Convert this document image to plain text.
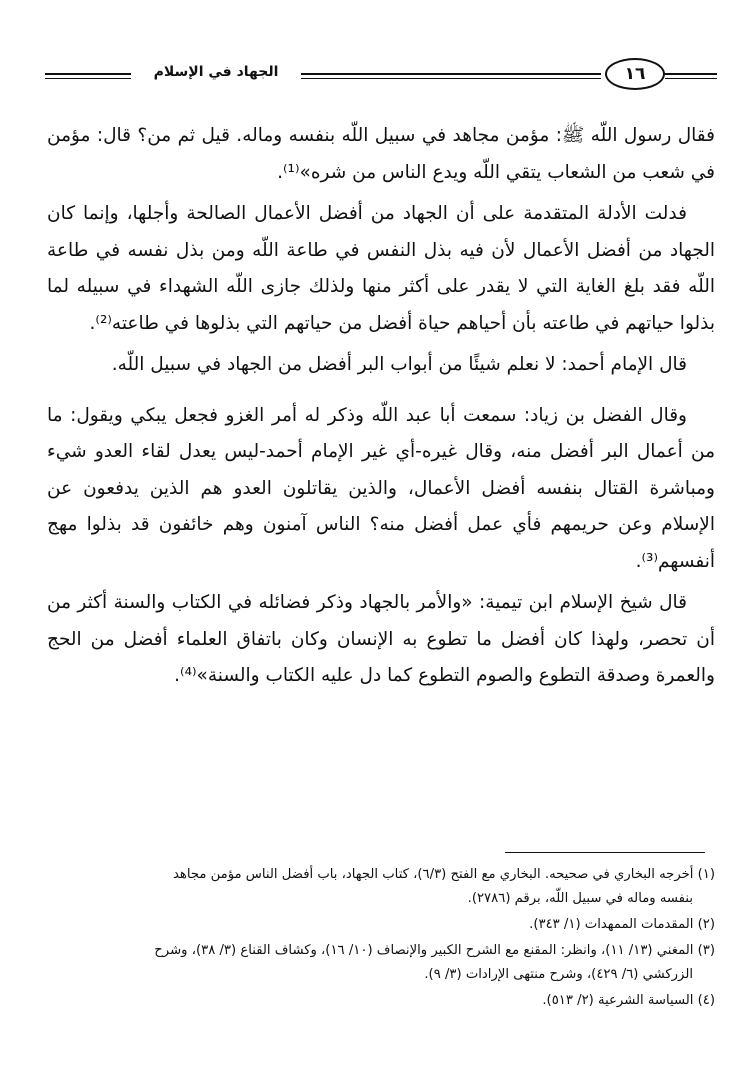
الجهاد في الإسلام	١٦

فقال رسول اللّه ﷺ: مؤمن مجاهد في سبيل اللّه بنفسه وماله. قيل ثم من؟ قال: مؤمن في شعب من الشعاب يتقي اللّه ويدع الناس من شره»⁽¹⁾.

فدلت الأدلة المتقدمة على أن الجهاد من أفضل الأعمال الصالحة وأجلها، وإنما كان الجهاد من أفضل الأعمال لأن فيه بذل النفس في طاعة اللّه ومن بذل نفسه في طاعة اللّه فقد بلغ الغاية التي لا يقدر على أكثر منها ولذلك جازى اللّه الشهداء في سبيله لما بذلوا حياتهم في طاعته بأن أحياهم حياة أفضل من حياتهم التي بذلوها في طاعته⁽²⁾.

قال الإمام أحمد: لا نعلم شيئًا من أبواب البر أفضل من الجهاد في سبيل اللّه.

وقال الفضل بن زياد: سمعت أبا عبد اللّه وذكر له أمر الغزو فجعل يبكي ويقول: ما من أعمال البر أفضل منه، وقال غيره-أي غير الإمام أحمد-ليس يعدل لقاء العدو شيء ومباشرة القتال بنفسه أفضل الأعمال، والذين يقاتلون العدو هم الذين يدفعون عن الإسلام وعن حريمهم فأي عمل أفضل منه؟ الناس آمنون وهم خائفون قد بذلوا مهج أنفسهم⁽³⁾.

قال شيخ الإسلام ابن تيمية: «والأمر بالجهاد وذكر فضائله في الكتاب والسنة أكثر من أن تحصر، ولهذا كان أفضل ما تطوع به الإنسان وكان باتفاق العلماء أفضل من الحج والعمرة وصدقة التطوع والصوم التطوع كما دل عليه الكتاب والسنة»⁽⁴⁾.

(١) أخرجه البخاري في صحيحه. البخاري مع الفتح (٦/٣)، كتاب الجهاد، باب أفضل الناس مؤمن مجاهد
بنفسه وماله في سبيل اللّه، برقم (٢٧٨٦).

(٢) المقدمات الممهدات (١/ ٣٤٣).

(٣) المغني (١٣/ ١١)، وانظر: المقنع مع الشرح الكبير والإنصاف (١٠/ ١٦)، وكشاف القناع (٣/ ٣٨)، وشرح
الزركشي (٦/ ٤٢٩)، وشرح منتهى الإرادات (٣/ ٩).

(٤) السياسة الشرعية (٢/ ٥١٣).
